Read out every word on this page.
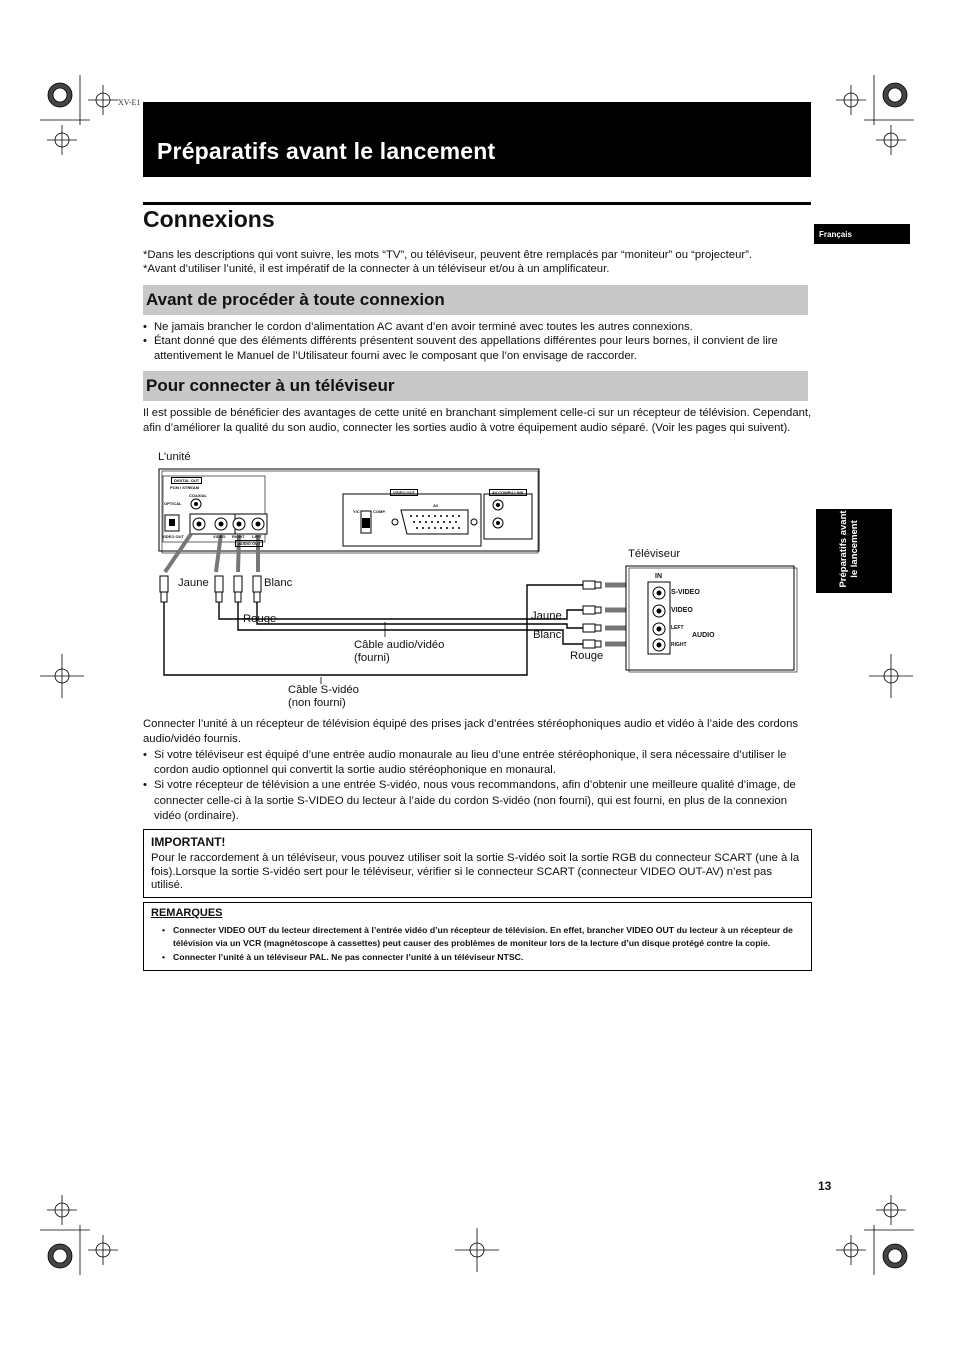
XV-E1
Préparatifs avant le lancement
Français
Préparatifs avant le lancement
Connexions
*Dans les descriptions qui vont suivre, les mots “TV”, ou téléviseur, peuvent être remplacés par “moniteur” ou “projecteur”.
*Avant d’utiliser l’unité, il est impératif de la connecter à un téléviseur et/ou à un amplificateur.
Avant de procéder à toute connexion
• Ne jamais brancher le cordon d’alimentation AC avant d’en avoir terminé avec toutes les autres connexions.
• Étant donné que des éléments différents présentent souvent des appellations différentes pour leurs bornes, il convient de lire attentivement le Manuel de l’Utilisateur fourni avec le composant que l’on envisage de raccorder.
Pour connecter à un téléviseur
Il est possible de bénéficier des avantages de cette unité en branchant simplement celle-ci sur un récepteur de télévision. Cependant, afin d’améliorer la qualité du son audio, connecter les sorties audio à votre équipement audio séparé. (Voir les pages qui suivent).
L’unité
DIGITAL OUT
PCM / STREAM
COAXIAL
OPTICAL
VIDEO OUT	VIDEO RIGHT LEFT
AUDIO OUT
VIDEO OUT
AV
Y/C	COMP.
AV COMPU LINK
Jaune	Blanc
Rouge	Jaune
Blanc
Rouge
Câble audio/vidéo (fourni)
Câble S-vidéo (non fourni)
Téléviseur
IN
S-VIDEO
VIDEO
LEFT
AUDIO
RIGHT
Connecter l’unité à un récepteur de télévision équipé des prises jack d’entrées stéréophoniques audio et vidéo à l’aide des cordons audio/vidéo fournis.
• Si votre téléviseur est équipé d’une entrée audio monaurale au lieu d’une entrée stéréophonique, il sera nécessaire d’utiliser le cordon audio optionnel qui convertit la sortie audio stéréophonique en monaural.
• Si votre récepteur de télévision a une entrée S-vidéo, nous vous recommandons, afin d’obtenir une meilleure qualité d’image, de connecter celle-ci à la sortie S-VIDEO du lecteur à l’aide du cordon S-vidéo (non fourni), qui est fourni, en plus de la connexion vidéo (ordinaire).
IMPORTANT!
Pour le raccordement à un téléviseur, vous pouvez utiliser soit la sortie S-vidéo soit la sortie RGB du connecteur SCART (une à la fois).Lorsque la sortie S-vidéo sert pour le téléviseur, vérifier si le connecteur SCART (connecteur VIDEO OUT-AV) n’est pas utilisé.
REMARQUES
• Connecter VIDEO OUT du lecteur directement à l’entrée vidéo d’un récepteur de télévision. En effet, brancher VIDEO OUT du lecteur à un récepteur de télévision via un VCR (magnétoscope à cassettes) peut causer des problèmes de moniteur lors de la lecture d’un disque protégé contre la copie.
• Connecter l’unité à un téléviseur PAL. Ne pas connecter l’unité à un téléviseur NTSC.
13
